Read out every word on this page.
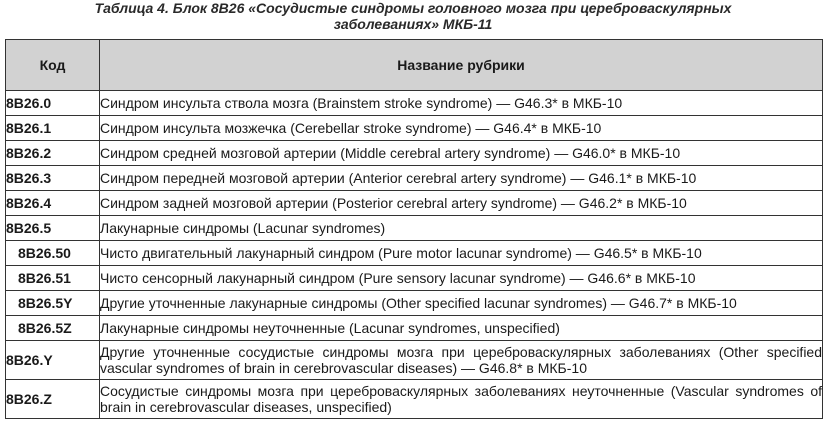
Таблица 4. Блок 8B26 «Сосудистые синдромы головного мозга при цереброваскулярных
заболеваниях» МКБ-11
Код	Название рубрики
8B26.0	Синдром инсульта ствола мозга (Brainstem stroke syndrome) — G46.3* в МКБ-10
8B26.1	Синдром инсульта мозжечка (Cerebellar stroke syndrome) — G46.4* в МКБ-10
8B26.2	Синдром средней мозговой артерии (Middle cerebral artery syndrome) — G46.0* в МКБ-10
8B26.3	Синдром передней мозговой артерии (Anterior cerebral artery syndrome) — G46.1* в МКБ-10
8B26.4	Синдром задней мозговой артерии (Posterior cerebral artery syndrome) — G46.2* в МКБ-10
8B26.5	Лакунарные синдромы (Lacunar syndromes)
8B26.50	Чисто двигательный лакунарный синдром (Pure motor lacunar syndrome) — G46.5* в МКБ-10
8B26.51	Чисто сенсорный лакунарный синдром (Pure sensory lacunar syndrome) — G46.6* в МКБ-10
8B26.5Y	Другие уточненные лакунарные синдромы (Other specified lacunar syndromes) — G46.7* в МКБ-10
8B26.5Z	Лакунарные синдромы неуточненные (Lacunar syndromes, unspecified)
8B26.Y	Другие уточненные сосудистые синдромы мозга при цереброваскулярных заболеваниях (Other specified vascular syndromes of brain in cerebrovascular diseases) — G46.8* в МКБ-10
8B26.Z	Сосудистые синдромы мозга при цереброваскулярных заболеваниях неуточненные (Vascular syndromes of brain in cerebrovascular diseases, unspecified)
